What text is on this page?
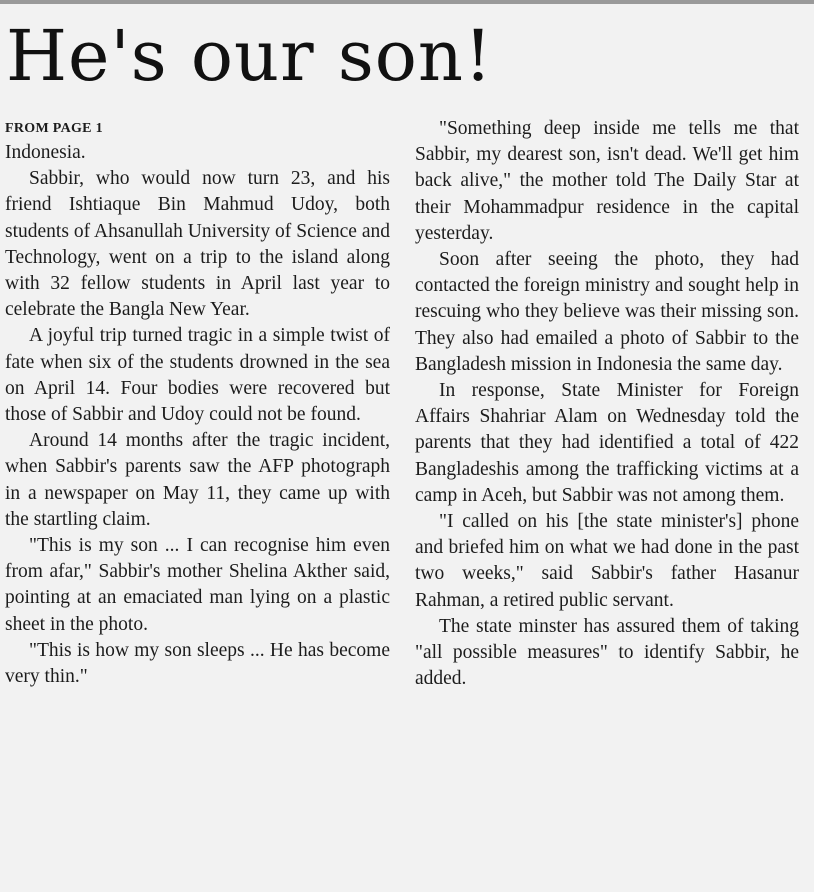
He's our son!
FROM PAGE 1

Indonesia.

Sabbir, who would now turn 23, and his friend Ishtiaque Bin Mahmud Udoy, both students of Ahsanullah University of Science and Technology, went on a trip to the island along with 32 fellow students in April last year to celebrate the Bangla New Year.

A joyful trip turned tragic in a simple twist of fate when six of the students drowned in the sea on April 14. Four bodies were recovered but those of Sabbir and Udoy could not be found.

Around 14 months after the tragic incident, when Sabbir's parents saw the AFP photograph in a newspaper on May 11, they came up with the startling claim.

"This is my son ... I can recognise him even from afar," Sabbir's mother Shelina Akther said, pointing at an emaciated man lying on a plastic sheet in the photo.

"This is how my son sleeps ... He has become very thin."

"Something deep inside me tells me that Sabbir, my dearest son, isn't dead. We'll get him back alive," the mother told The Daily Star at their Mohammadpur residence in the capital yesterday.

Soon after seeing the photo, they had contacted the foreign ministry and sought help in rescuing who they believe was their missing son. They also had emailed a photo of Sabbir to the Bangladesh mission in Indonesia the same day.

In response, State Minister for Foreign Affairs Shahriar Alam on Wednesday told the parents that they had identified a total of 422 Bangladeshis among the trafficking victims at a camp in Aceh, but Sabbir was not among them.

"I called on his [the state minister's] phone and briefed him on what we had done in the past two weeks," said Sabbir's father Hasanur Rahman, a retired public servant.

The state minster has assured them of taking "all possible measures" to identify Sabbir, he added.
